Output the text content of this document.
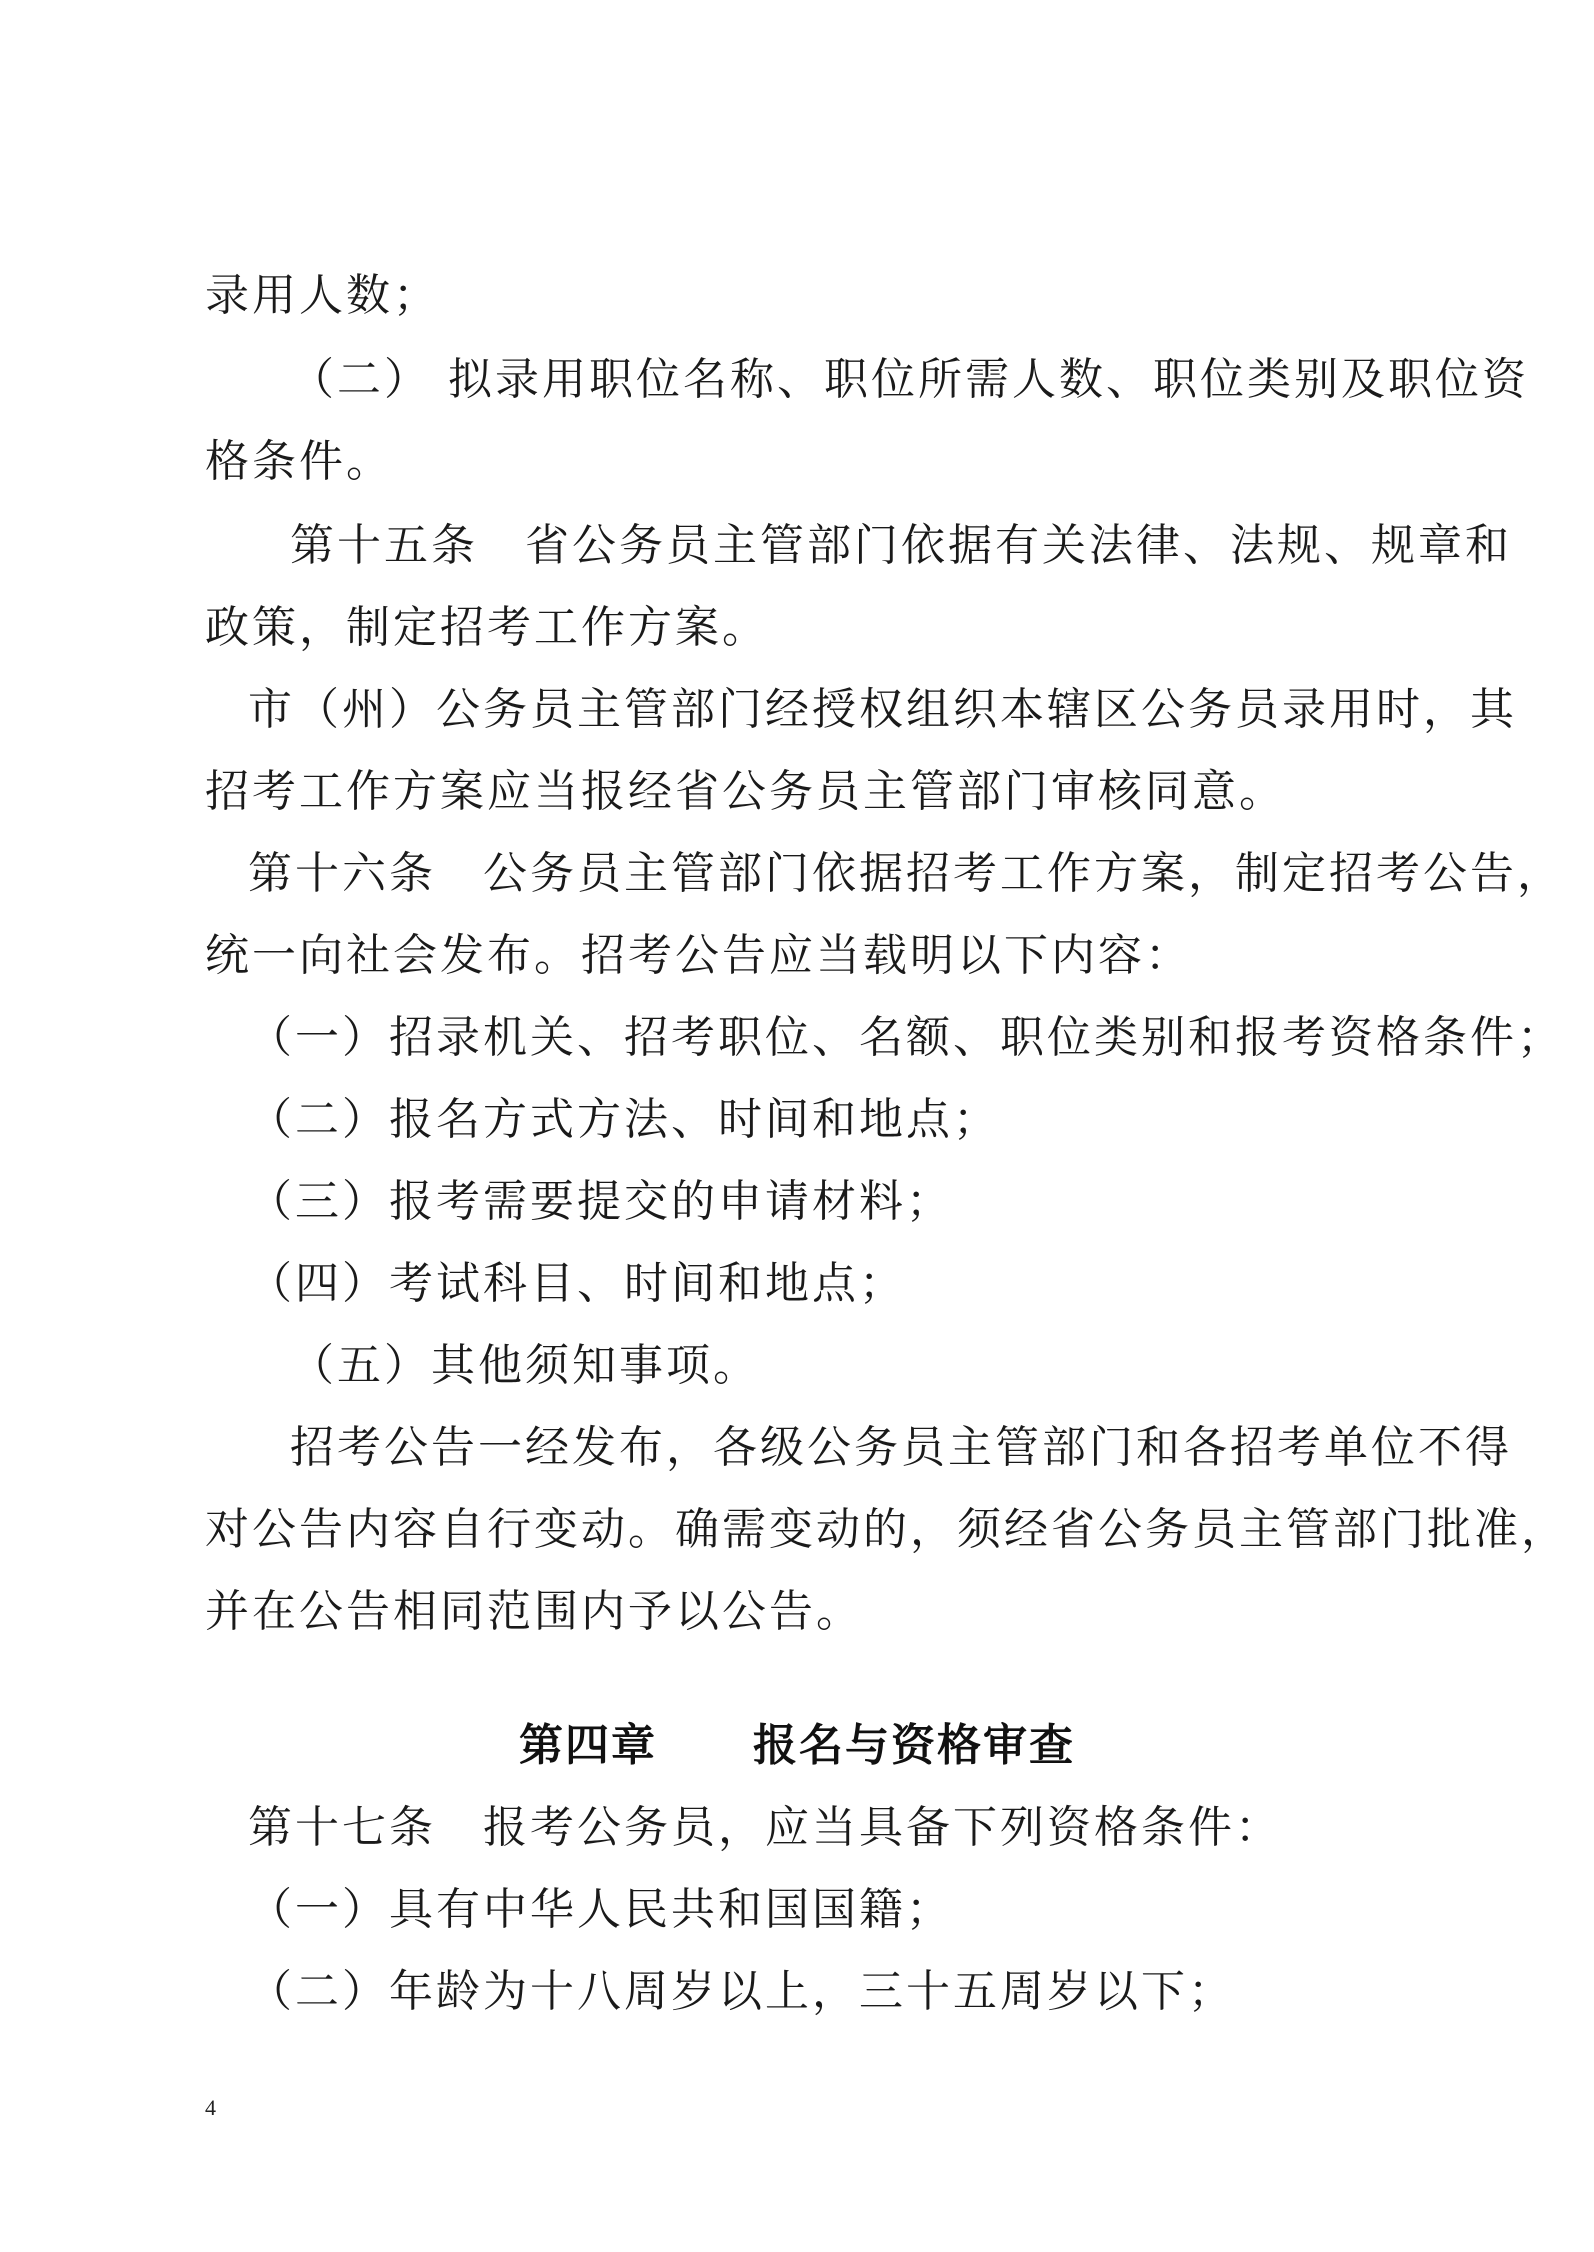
录用人数；
（二） 拟录用职位名称、职位所需人数、职位类别及职位资
格条件。
第十五条　省公务员主管部门依据有关法律、法规、规章和
政策，制定招考工作方案。
市（州）公务员主管部门经授权组织本辖区公务员录用时，其
招考工作方案应当报经省公务员主管部门审核同意。
第十六条　公务员主管部门依据招考工作方案，制定招考公告，
统一向社会发布。招考公告应当载明以下内容：
（一）招录机关、招考职位、名额、职位类别和报考资格条件；
（二）报名方式方法、时间和地点；
（三）报考需要提交的申请材料；
（四）考试科目、时间和地点；
（五）其他须知事项。
招考公告一经发布，各级公务员主管部门和各招考单位不得
对公告内容自行变动。确需变动的，须经省公务员主管部门批准，
并在公告相同范围内予以公告。
第四章 报名与资格审查
第十七条　报考公务员，应当具备下列资格条件：
（一）具有中华人民共和国国籍；
（二）年龄为十八周岁以上，三十五周岁以下；
4
